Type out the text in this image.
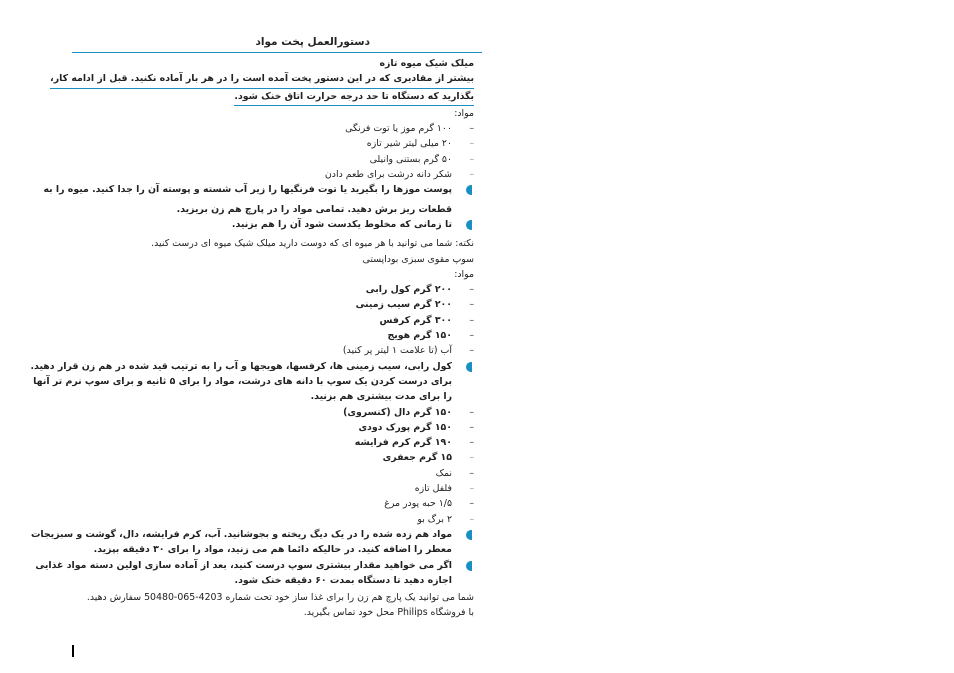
دستورالعمل پخت مواد
میلک شیک میوه تازه
بیشتر از مقادیری که در این دستور پخت آمده است را در هر بار آماده نکنید. قبل از ادامه کار،
بگذارید که دستگاه تا حد درجه حرارت اتاق خنک شود.
مواد:
–
۱۰۰ گرم موز یا توت فرنگی
–
۲۰ میلی لیتر شیر تازه
–
۵۰ گرم بستنی وانیلی
–
شکر دانه درشت برای طعم دادن
پوست موزها را بگیرید یا توت فرنگیها را زیر آب شسته و پوسته آن را جدا کنید. میوه را به
قطعات ریز برش دهید. تمامی مواد را در پارچ هم زن بریزید.
تا زمانی که مخلوط یکدست شود آن را هم بزنید.
نکته: شما می توانید با هر میوه ای که دوست دارید میلک شیک میوه ای درست کنید.
سوپ مقوی سبزی بوداپستی
مواد:
–
۲۰۰ گرم کول رابی
–
۲۰۰ گرم سیب زمینی
–
۳۰۰ گرم کرفس
–
۱۵۰ گرم هویج
–
آب (تا علامت ۱ لیتر پر کنید)
کول رابی، سیب زمینی ها، کرفسها، هویجها و آب را به ترتیب قید شده در هم زن قرار دهید.
برای درست کردن یک سوپ با دانه های درشت، مواد را برای ۵ ثانیه و برای سوپ نرم تر آنها
را برای مدت بیشتری هم بزنید.
–
۱۵۰ گرم دال (کنسروی)
–
۱۵۰ گرم پورک دودی
–
۱۹۰ گرم کرم فرایشه
–
۱۵ گرم جعفری
–
نمک
–
فلفل تازه
–
۱/۵ حبه پودر مرغ
–
۲ برگ بو
مواد هم زده شده را در یک دیگ ریخته و بجوشانید. آب، کرم فرایشه، دال، گوشت و سبزیجات
معطر را اضافه کنید. در حالیکه دائما هم می زنید، مواد را برای ۳۰ دقیقه بپزید.
اگر می خواهید مقدار بیشتری سوپ درست کنید، بعد از آماده سازی اولین دسته مواد غذایی
اجازه دهید تا دستگاه بمدت ۶۰ دقیقه خنک شود.
شما می توانید یک پارچ هم زن را برای غذا ساز خود تحت شماره 4203-065-50480 سفارش دهید.
با فروشگاه Philips محل خود تماس بگیرید.
